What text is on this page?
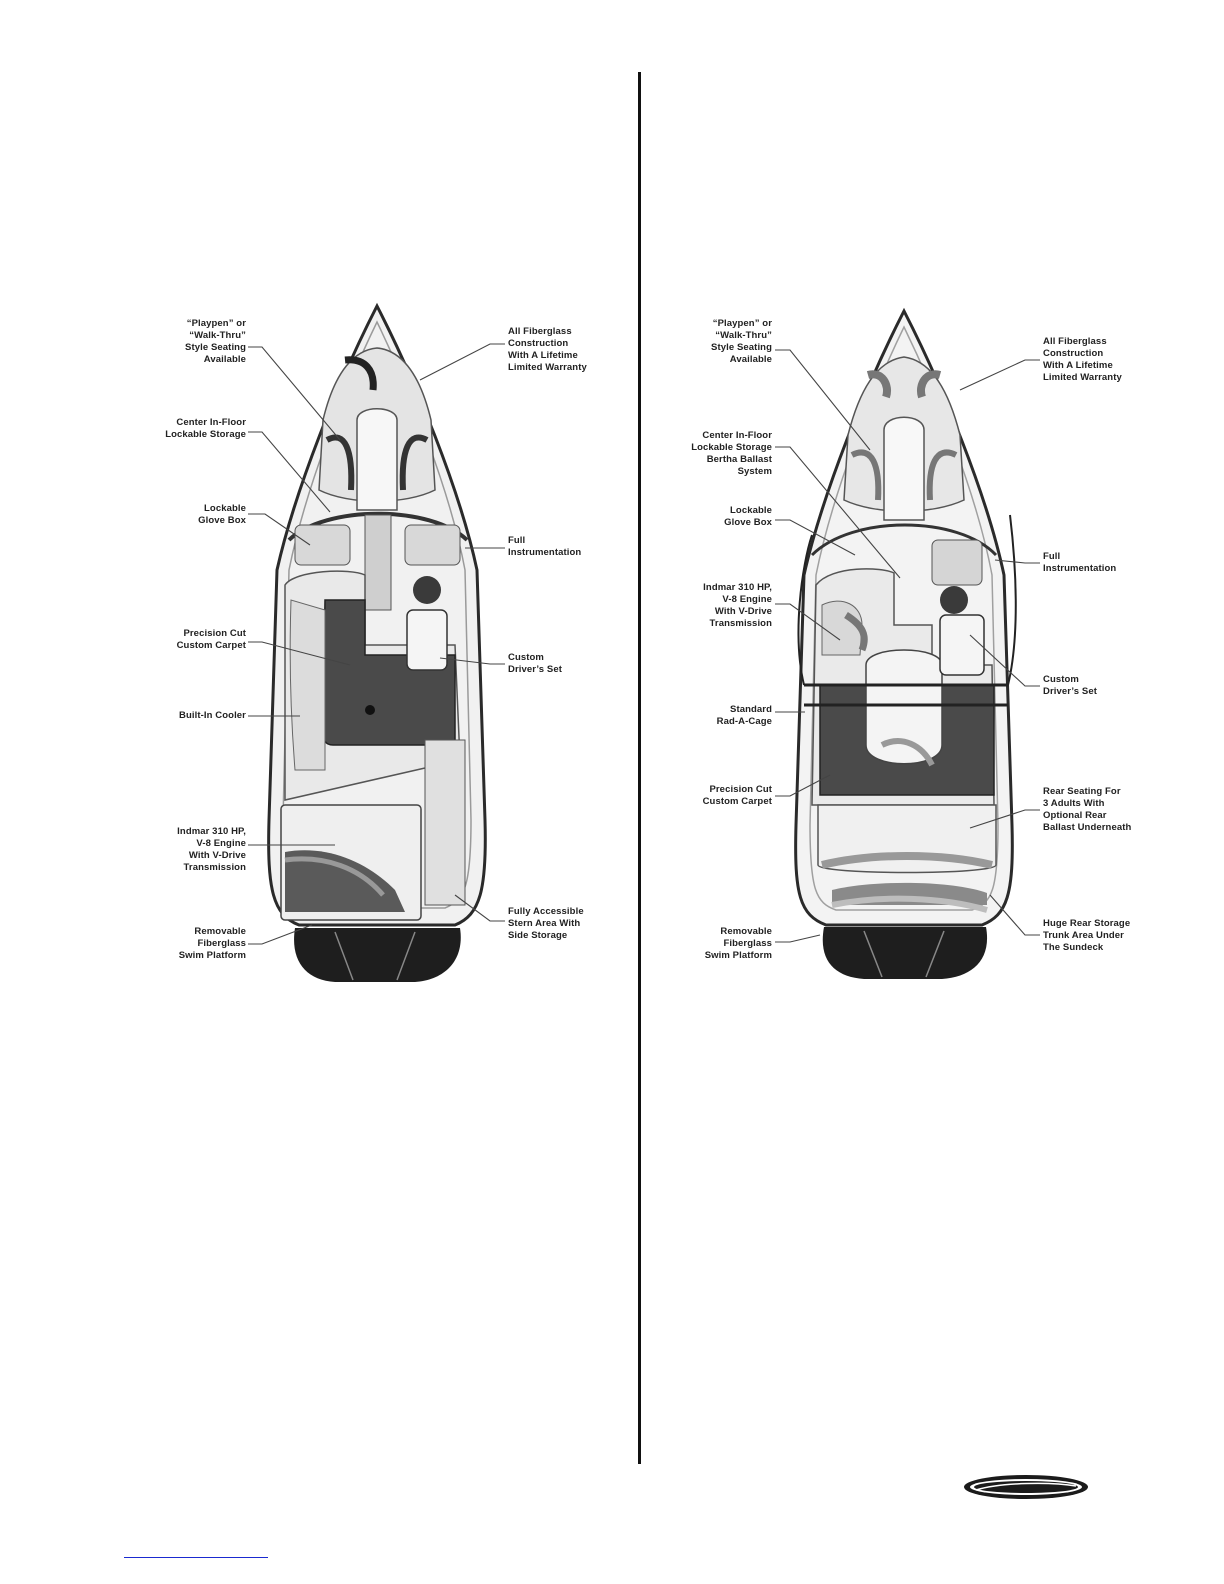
“Playpen” or
“Walk-Thru”
Style Seating
Available
All Fiberglass
Construction
With A Lifetime
Limited Warranty
Center In-Floor
Lockable Storage
Lockable
Glove Box
Full
Instrumentation
Precision Cut
Custom Carpet
Custom
Driver’s Set
Built-In Cooler
Indmar 310 HP,
V-8 Engine
With V-Drive
Transmission
Fully Accessible
Stern Area With
Side Storage
Removable
Fiberglass
Swim Platform
“Playpen” or
“Walk-Thru”
Style Seating
Available
All Fiberglass
Construction
With A Lifetime
Limited Warranty
Center In-Floor
Lockable Storage
Bertha Ballast
System
Lockable
Glove Box
Full
Instrumentation
Indmar 310 HP,
V-8 Engine
With V-Drive
Transmission
Custom
Driver’s Set
Standard
Rad-A-Cage
Precision Cut
Custom Carpet
Rear Seating For
3 Adults With
Optional Rear
Ballast Underneath
Removable
Fiberglass
Swim Platform
Huge Rear Storage
Trunk Area Under
The Sundeck
